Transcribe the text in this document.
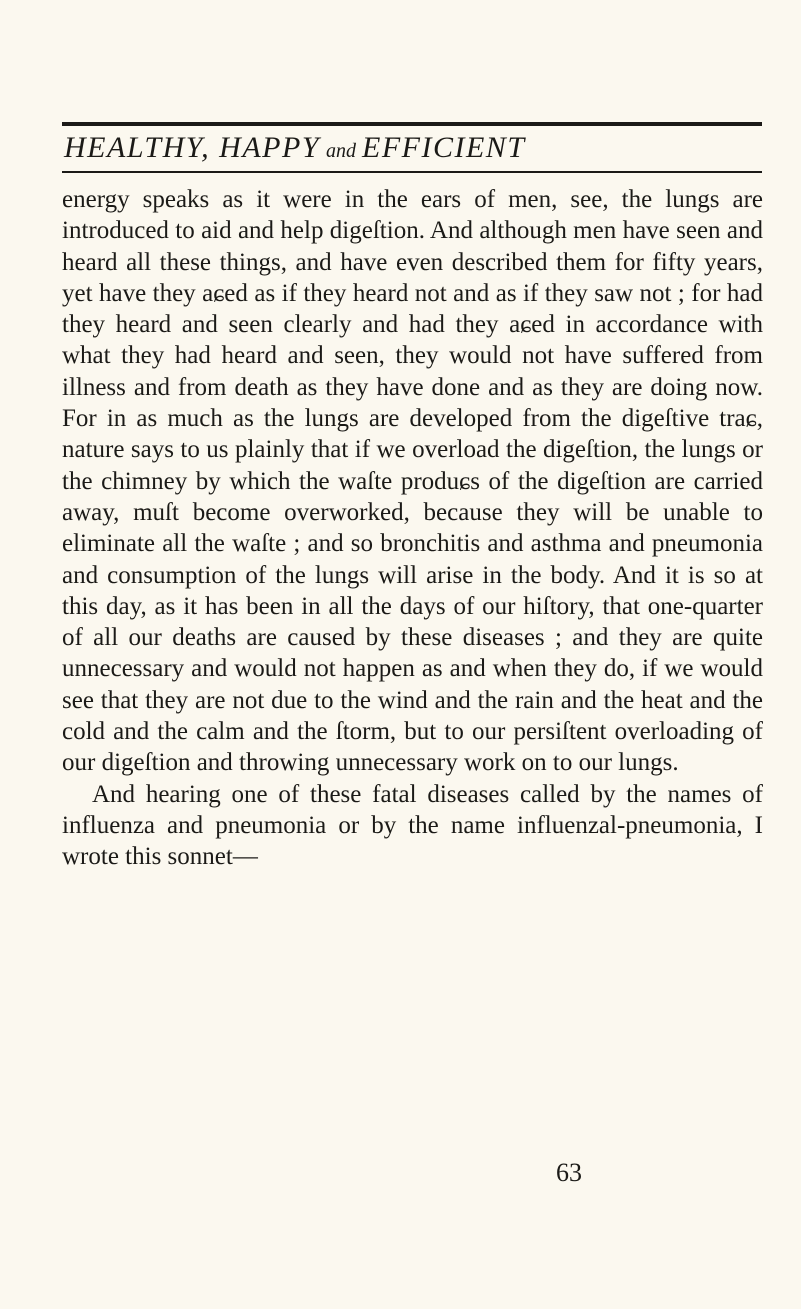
HEALTHY, HAPPY and EFFICIENT

energy speaks as it were in the ears of men, see, the lungs are introduced to aid and help digeſtion. And although men have seen and heard all these things, and have even described them for fifty years, yet have they aɕed as if they heard not and as if they saw not ; for had they heard and seen clearly and had they aɕed in accordance with what they had heard and seen, they would not have suffered from illness and from death as they have done and as they are doing now. For in as much as the lungs are developed from the digeſtive traɕ, nature says to us plainly that if we overload the digeſtion, the lungs or the chimney by which the waſte produɕs of the digeſtion are carried away, muſt become overworked, because they will be unable to eliminate all the waſte ; and so bronchitis and asthma and pneumonia and consumption of the lungs will arise in the body. And it is so at this day, as it has been in all the days of our hiſtory, that one-quarter of all our deaths are caused by these diseases ; and they are quite unnecessary and would not happen as and when they do, if we would see that they are not due to the wind and the rain and the heat and the cold and the calm and the ſtorm, but to our persiſtent overloading of our digeſtion and throwing unnecessary work on to our lungs.

And hearing one of these fatal diseases called by the names of influenza and pneumonia or by the name influenzal-pneumonia, I wrote this sonnet—

63
